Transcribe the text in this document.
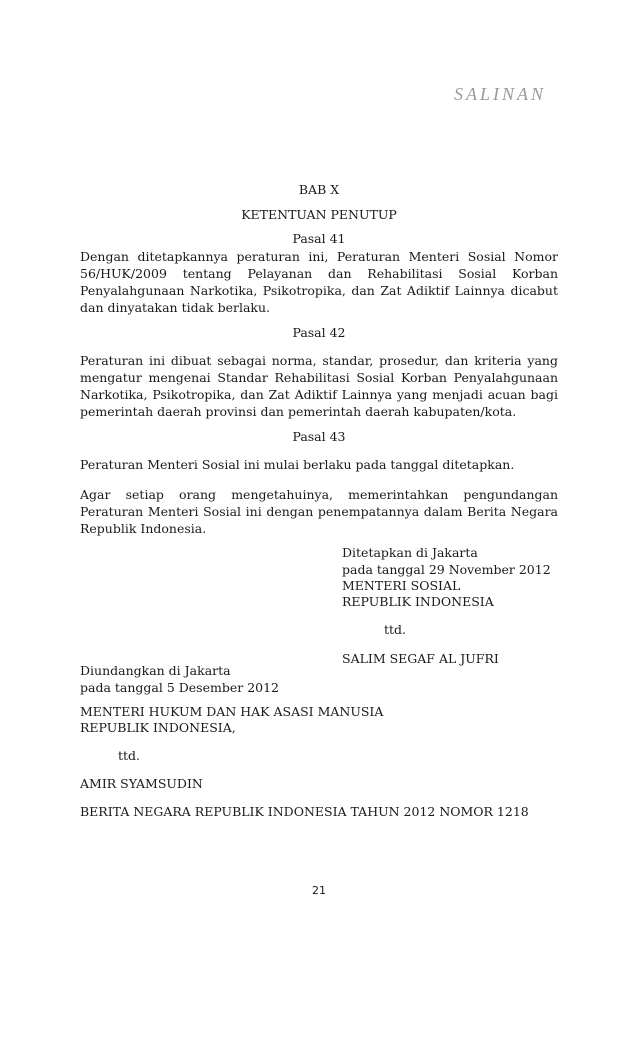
SALINAN
BAB X
KETENTUAN PENUTUP
Pasal 41

Dengan ditetapkannya peraturan ini, Peraturan Menteri Sosial Nomor 56/HUK/2009 tentang Pelayanan dan Rehabilitasi Sosial Korban Penyalahgunaan Narkotika, Psikotropika, dan Zat Adiktif Lainnya dicabut dan dinyatakan tidak berlaku.

Pasal 42

Peraturan ini dibuat sebagai norma, standar, prosedur, dan kriteria yang mengatur mengenai Standar Rehabilitasi Sosial Korban Penyalahgunaan Narkotika, Psikotropika, dan Zat Adiktif Lainnya yang menjadi acuan bagi pemerintah daerah provinsi dan pemerintah daerah kabupaten/kota.

Pasal 43

Peraturan Menteri Sosial ini mulai berlaku pada tanggal ditetapkan.

Agar setiap orang mengetahuinya, memerintahkan pengundangan Peraturan Menteri Sosial ini dengan penempatannya dalam Berita Negara Republik Indonesia.

Ditetapkan di Jakarta
pada tanggal 29 November 2012
MENTERI SOSIAL
REPUBLIK INDONESIA
ttd.
SALIM SEGAF AL JUFRI
Diundangkan di Jakarta
pada tanggal 5 Desember 2012
MENTERI HUKUM DAN HAK ASASI MANUSIA
REPUBLIK INDONESIA,
ttd.
AMIR SYAMSUDIN
BERITA NEGARA REPUBLIK INDONESIA TAHUN 2012 NOMOR 1218
21
